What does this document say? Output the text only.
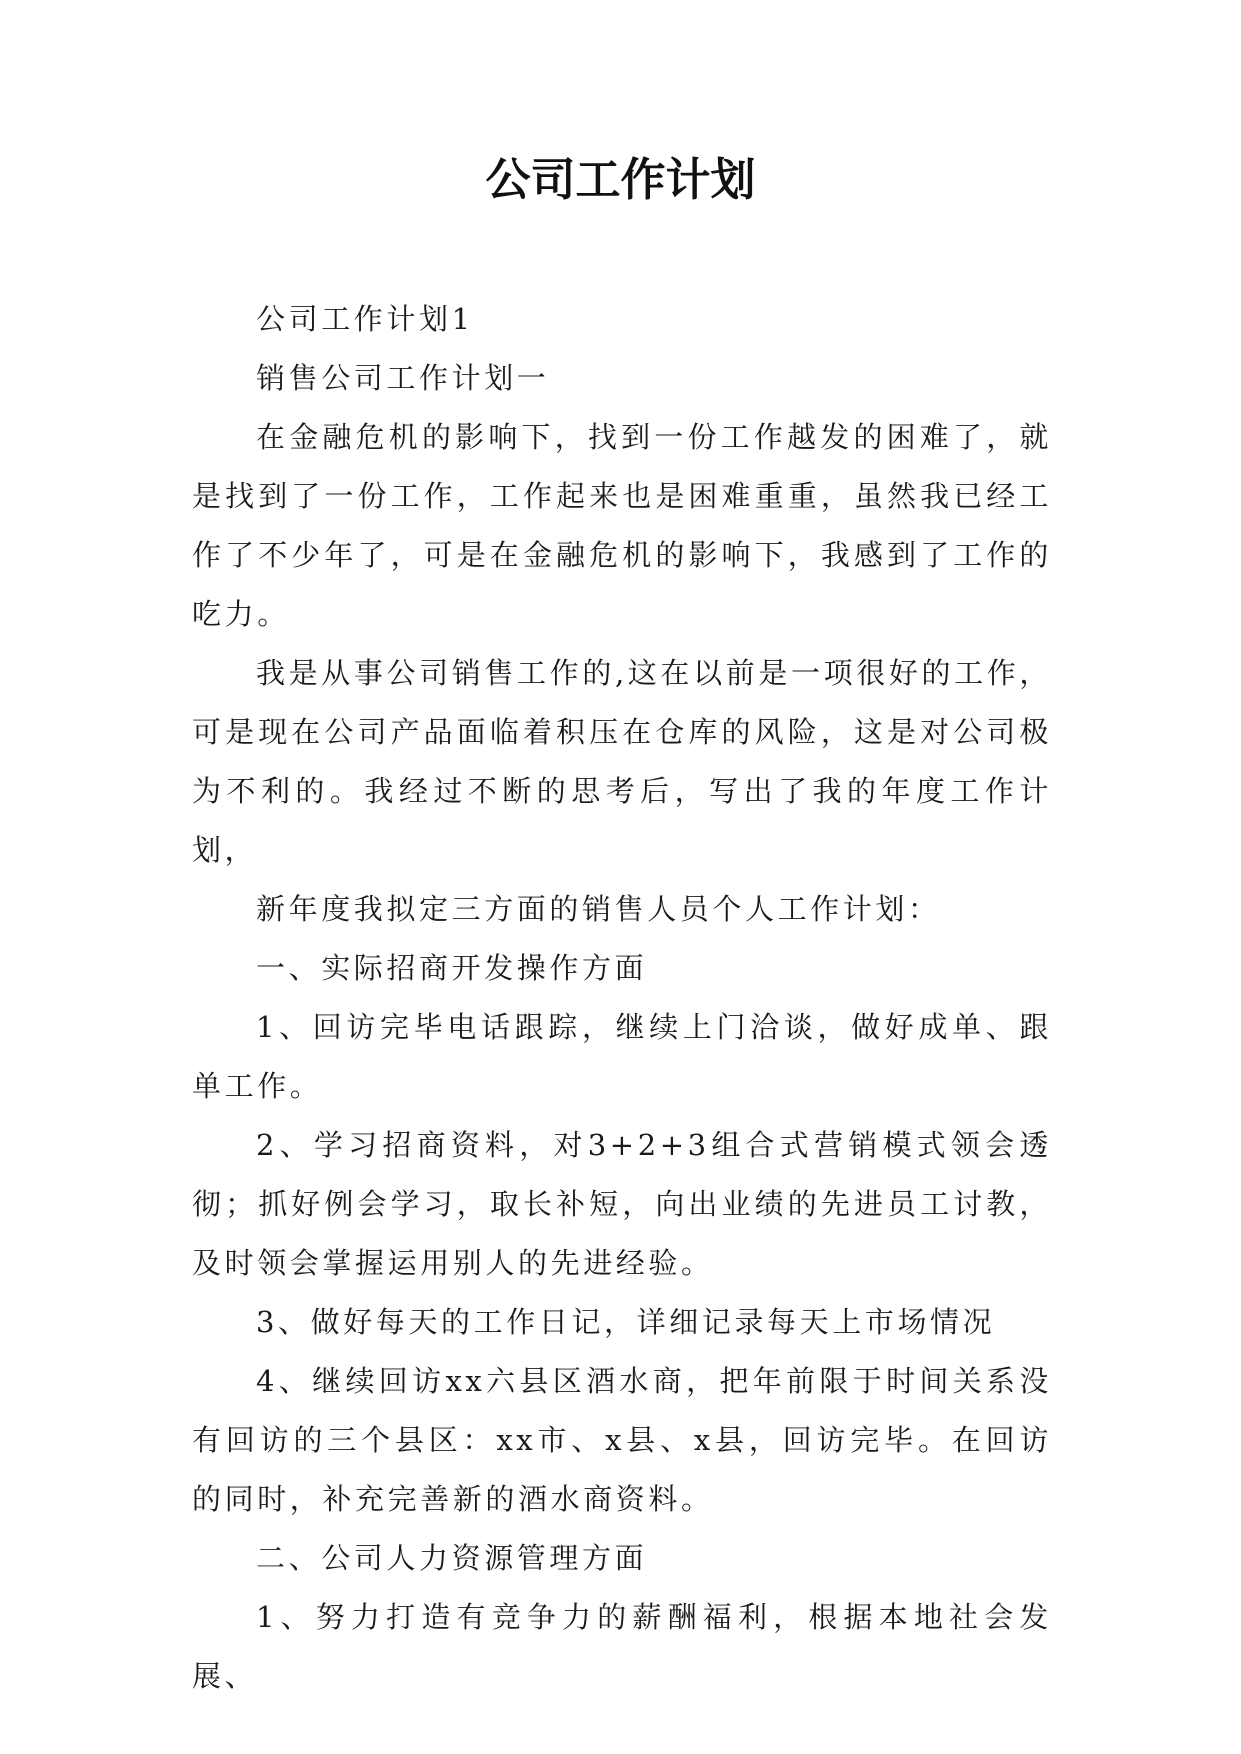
公司工作计划

公司工作计划1

销售公司工作计划一

在金融危机的影响下，找到一份工作越发的困难了，就是找到了一份工作，工作起来也是困难重重，虽然我已经工作了不少年了，可是在金融危机的影响下，我感到了工作的吃力。

我是从事公司销售工作的,这在以前是一项很好的工作，可是现在公司产品面临着积压在仓库的风险，这是对公司极为不利的。我经过不断的思考后，写出了我的年度工作计划，

新年度我拟定三方面的销售人员个人工作计划：

一、实际招商开发操作方面

1、回访完毕电话跟踪，继续上门洽谈，做好成单、跟单工作。

2、学习招商资料，对3+2+3组合式营销模式领会透彻；抓好例会学习，取长补短，向出业绩的先进员工讨教，及时领会掌握运用别人的先进经验。

3、做好每天的工作日记，详细记录每天上市场情况

4、继续回访xx六县区酒水商，把年前限于时间关系没有回访的三个县区：xx市、x县、x县，回访完毕。在回访的同时，补充完善新的酒水商资料。

二、公司人力资源管理方面

1、努力打造有竞争力的薪酬福利，根据本地社会发展、
